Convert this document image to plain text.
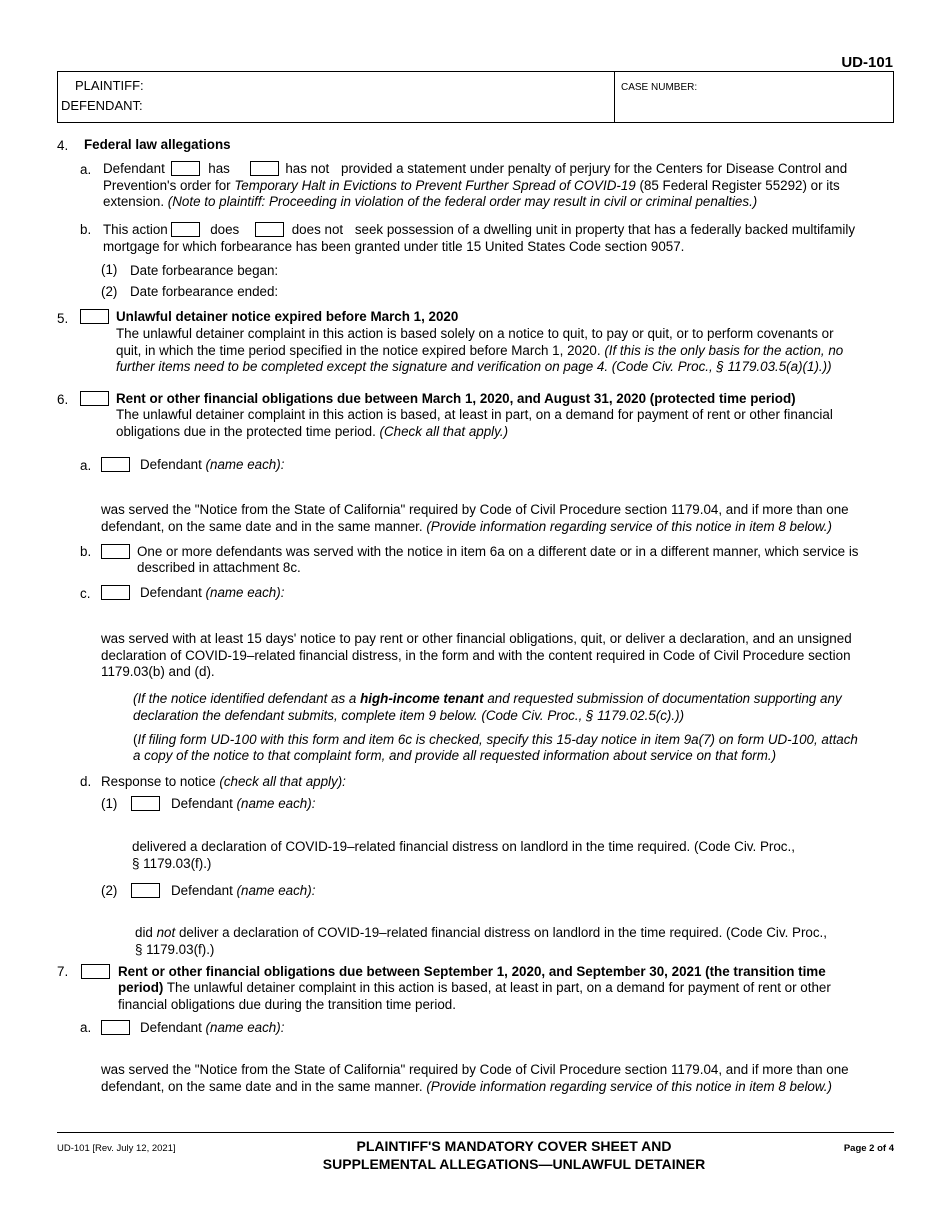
UD-101
PLAINTIFF:
DEFENDANT:
CASE NUMBER:
4. Federal law allegations
a. Defendant	has	has not provided a statement under penalty of perjury for the Centers for Disease Control and
Prevention's order for Temporary Halt in Evictions to Prevent Further Spread of COVID-19 (85 Federal Register 55292) or its
extension. (Note to plaintiff: Proceeding in violation of the federal order may result in civil or criminal penalties.)
b. This action	does	does not seek possession of a dwelling unit in property that has a federally backed multifamily
mortgage for which forbearance has been granted under title 15 United States Code section 9057.
(1) Date forbearance began:
(2) Date forbearance ended:
5.	Unlawful detainer notice expired before March 1, 2020
The unlawful detainer complaint in this action is based solely on a notice to quit, to pay or quit, or to perform covenants or
quit, in which the time period specified in the notice expired before March 1, 2020. (If this is the only basis for the action, no
further items need to be completed except the signature and verification on page 4. (Code Civ. Proc., § 1179.03.5(a)(1).))
6.	Rent or other financial obligations due between March 1, 2020, and August 31, 2020 (protected time period)
The unlawful detainer complaint in this action is based, at least in part, on a demand for payment of rent or other financial
obligations due in the protected time period. (Check all that apply.)
a.	Defendant (name each):
was served the "Notice from the State of California" required by Code of Civil Procedure section 1179.04, and if more than one
defendant, on the same date and in the same manner. (Provide information regarding service of this notice in item 8 below.)
b.	One or more defendants was served with the notice in item 6a on a different date or in a different manner, which service is
described in attachment 8c.
c.	Defendant (name each):
was served with at least 15 days' notice to pay rent or other financial obligations, quit, or deliver a declaration, and an unsigned
declaration of COVID-19–related financial distress, in the form and with the content required in Code of Civil Procedure section
1179.03(b) and (d).
(If the notice identified defendant as a high-income tenant and requested submission of documentation supporting any
declaration the defendant submits, complete item 9 below. (Code Civ. Proc., § 1179.02.5(c).))
(If filing form UD-100 with this form and item 6c is checked, specify this 15-day notice in item 9a(7) on form UD-100, attach
a copy of the notice to that complaint form, and provide all requested information about service on that form.)
d. Response to notice (check all that apply):
(1)	Defendant (name each):
delivered a declaration of COVID-19–related financial distress on landlord in the time required. (Code Civ. Proc.,
§ 1179.03(f).)
(2)	Defendant (name each):
did not deliver a declaration of COVID-19–related financial distress on landlord in the time required. (Code Civ. Proc.,
§ 1179.03(f).)
7.	Rent or other financial obligations due between September 1, 2020, and September 30, 2021 (the transition time
period) The unlawful detainer complaint in this action is based, at least in part, on a demand for payment of rent or other
financial obligations due during the transition time period.
a.	Defendant (name each):
was served the "Notice from the State of California" required by Code of Civil Procedure section 1179.04, and if more than one
defendant, on the same date and in the same manner. (Provide information regarding service of this notice in item 8 below.)
UD-101 [Rev. July 12, 2021]	PLAINTIFF'S MANDATORY COVER SHEET AND
SUPPLEMENTAL ALLEGATIONS—UNLAWFUL DETAINER
Page 2 of 4
